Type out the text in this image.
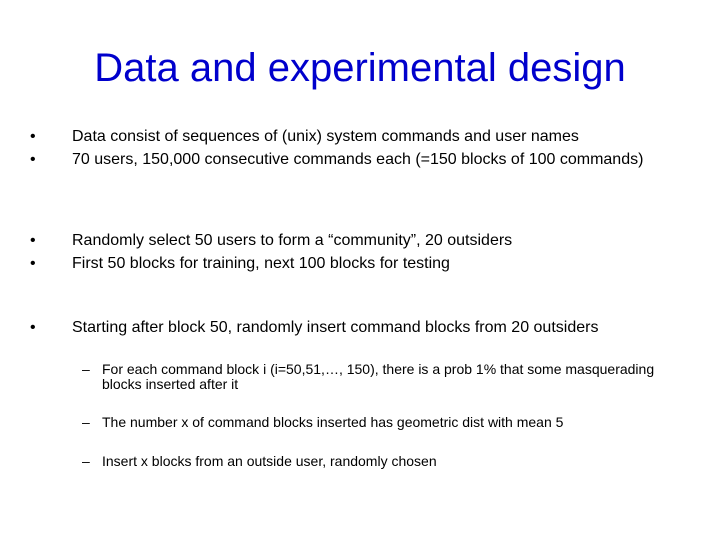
Data and experimental design
•	Data consist of sequences of (unix) system commands and user names
•	70 users, 150,000 consecutive commands each (=150 blocks of 100 commands)
•	Randomly select 50 users to form a “community”, 20 outsiders
•	First 50 blocks for training, next 100 blocks for testing
•	Starting after block 50, randomly insert command blocks from 20 outsiders
– For each command block i (i=50,51,…, 150), there is a prob 1% that some masquerading blocks inserted after it
– The number x of command blocks inserted has geometric dist with mean 5
– Insert x blocks from an outside user, randomly chosen
